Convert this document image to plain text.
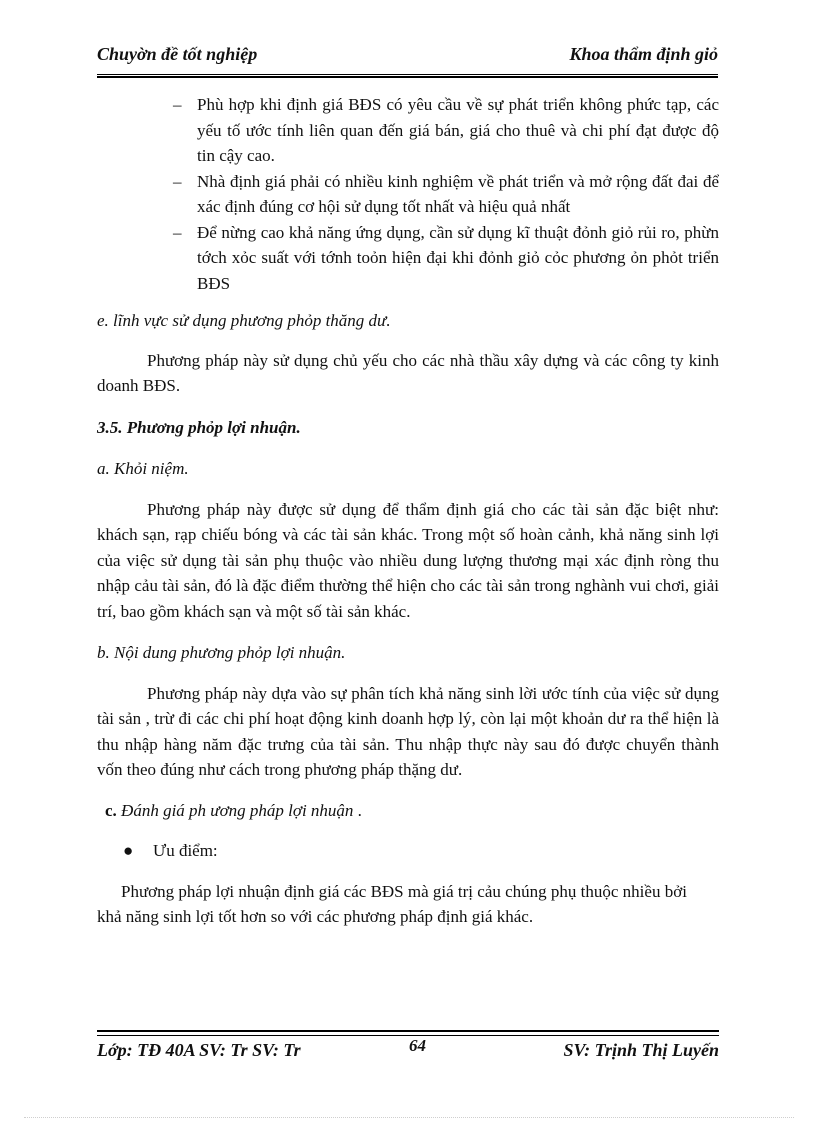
Chuyờn đề tốt nghiệp	Khoa thẩm định giỏ
– Phù hợp khi định giá BĐS có yêu cầu về sự phát triển không phức tạp, các yếu tố ước tính liên quan đến giá bán, giá cho thuê và chi phí đạt được độ tin cậy cao.
– Nhà định giá phải có nhiều kinh nghiệm về phát triển và mở rộng đất đai để xác định đúng cơ hội sử dụng tốt nhất và hiệu quả nhất
– Để nừng cao khả năng ứng dụng, cần sử dụng kĩ thuật đỏnh giỏ rủi ro, phừn tớch xỏc suất với tớnh toỏn hiện đại khi đỏnh giỏ cỏc phương ỏn phỏt triển BĐS

e. lĩnh vực sử dụng phương phỏp thăng dư.

Phương pháp này sử dụng chủ yếu cho các nhà thầu xây dựng và các công ty kinh doanh BĐS.

3.5. Phương phỏp lợi nhuận.

a. Khỏi niệm.

Phương pháp này được sử dụng để thẩm định giá cho các tài sản đặc biệt như: khách sạn, rạp chiếu bóng và các tài sản khác. Trong một số hoàn cảnh, khả năng sinh lợi của việc sử dụng tài sản phụ thuộc vào nhiều dung lượng thương mại xác định ròng thu nhập cảu tài sản, đó là đặc điểm thường thể hiện cho các tài sản trong nghành vui chơi, giải trí, bao gồm khách sạn và một số tài sản khác.

b. Nội dung phương phỏp lợi nhuận.

Phương pháp này dựa vào sự phân tích khả năng sinh lời ước tính của việc sử dụng tài sản , trừ đi các chi phí hoạt động kinh doanh hợp lý, còn lại một khoản dư ra thể hiện là thu nhập hàng năm đặc trưng của tài sản. Thu nhập thực này sau đó được chuyển thành vốn theo đúng như cách trong phương pháp thặng dư.

c. Đánh giá ph ương pháp lợi nhuận .

● Ưu điểm:

Phương pháp lợi nhuận định giá các BĐS mà giá trị cảu chúng phụ thuộc nhiều bởi khả năng sinh lợi tốt hơn so với các phương pháp định giá khác.

Lớp: TĐ 40A SV: Tr SV: Tr	64	SV: Trịnh Thị Luyến
